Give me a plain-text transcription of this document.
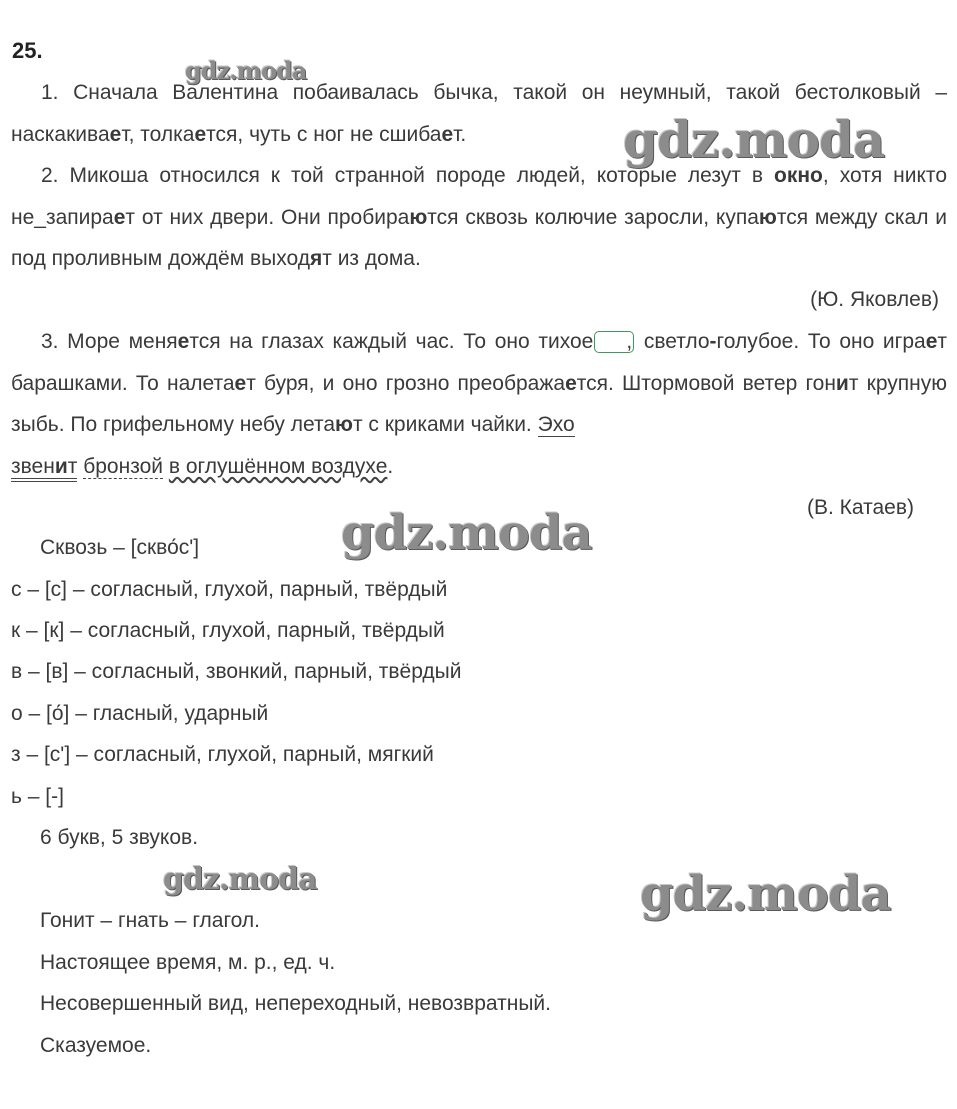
25.
1. Сначала Валентина побаивалась бычка, такой он неумный, такой бестолковый – наскакивает, толкается, чуть с ног не сшибает.
2. Микоша относился к той странной породе людей, которые лезут в окно, хотя никто не_запирает от них двери. Они пробираются сквозь колючие заросли, купаются между скал и под проливным дождём выходят из дома.
(Ю. Яковлев)
3. Море меняется на глазах каждый час. То оно тихое , светло-голубое. То оно играет барашками. То налетает буря, и оно грозно преображается. Штормовой ветер гонит крупную зыбь. По грифельному небу летают с криками чайки. Эхо
звенит бронзой в оглушённом воздухе.
(В. Катаев)
Сквозь – [скво́с']
с – [с] – согласный, глухой, парный, твёрдый
к – [к] – согласный, глухой, парный, твёрдый
в – [в] – согласный, звонкий, парный, твёрдый
о – [о́] – гласный, ударный
з – [с'] – согласный, глухой, парный, мягкий
ь – [-]
6 букв, 5 звуков.
Гонит – гнать – глагол.
Настоящее время, м. р., ед. ч.
Несовершенный вид, непереходный, невозвратный.
Сказуемое.
gdz.moda
gdz.moda
gdz.moda
gdz.moda	gdz.moda
